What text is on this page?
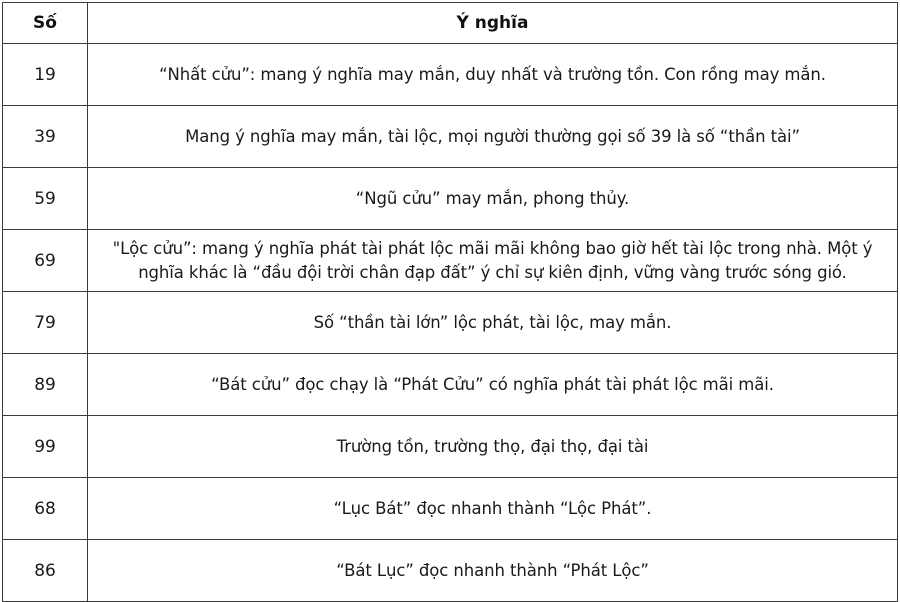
Số	Ý nghĩa
19	“Nhất cửu”: mang ý nghĩa may mắn, duy nhất và trường tồn. Con rồng may mắn.
39	Mang ý nghĩa may mắn, tài lộc, mọi người thường gọi số 39 là số “thần tài”
59	“Ngũ cửu” may mắn, phong thủy.
69	"Lộc cửu”: mang ý nghĩa phát tài phát lộc mãi mãi không bao giờ hết tài lộc trong nhà. Một ý nghĩa khác là “đầu đội trời chân đạp đất” ý chỉ sự kiên định, vững vàng trước sóng gió.
79	Số “thần tài lớn” lộc phát, tài lộc, may mắn.
89	“Bát cửu” đọc chạy là “Phát Cửu” có nghĩa phát tài phát lộc mãi mãi.
99	Trường tồn, trường thọ, đại thọ, đại tài
68	“Lục Bát” đọc nhanh thành “Lộc Phát”.
86	“Bát Lục” đọc nhanh thành “Phát Lộc”
